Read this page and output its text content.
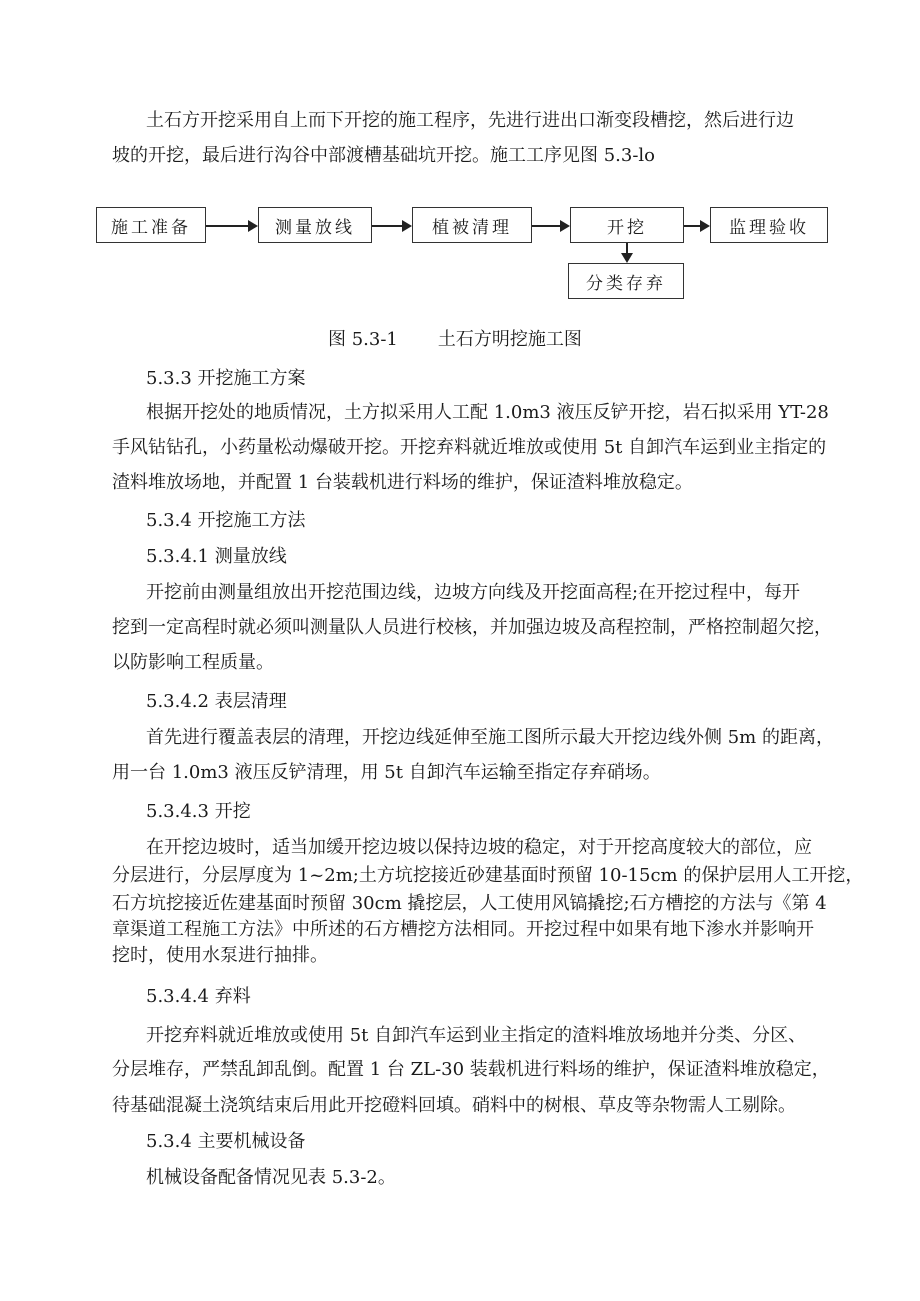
土石方开挖采用自上而下开挖的施工程序，先进行进出口渐变段槽挖，然后进行边

坡的开挖，最后进行沟谷中部渡槽基础坑开挖。施工工序见图 5.3-lo

施工准备	测量放线	植被清理	开挖	监理验收
分类存弃
图 5.3-1 土石方明挖施工图

5.3.3 开挖施工方案

根据开挖处的地质情况，土方拟采用人工配 1.0m3 液压反铲开挖，岩石拟采用 YT-28

手风钻钻孔，小药量松动爆破开挖。开挖弃料就近堆放或使用 5t 自卸汽车运到业主指定的

渣料堆放场地，并配置 1 台装载机进行料场的维护，保证渣料堆放稳定。

5.3.4 开挖施工方法

5.3.4.1 测量放线

开挖前由测量组放出开挖范围边线，边坡方向线及开挖面高程;在开挖过程中，每开

挖到一定高程时就必须叫测量队人员进行校核，并加强边坡及高程控制，严格控制超欠挖，

以防影响工程质量。

5.3.4.2 表层清理

首先进行覆盖表层的清理，开挖边线延伸至施工图所示最大开挖边线外侧 5m 的距离，

用一台 1.0m3 液压反铲清理，用 5t 自卸汽车运输至指定存弃硝场。

5.3.4.3 开挖

在开挖边坡时，适当加缓开挖边坡以保持边坡的稳定，对于开挖高度较大的部位，应

分层进行，分层厚度为 1~2m;土方坑挖接近砂建基面时预留 10-15cm 的保护层用人工开挖，

石方坑挖接近佐建基面时预留 30cm 撬挖层，人工使用风镐撬挖;石方槽挖的方法与《第 4

章渠道工程施工方法》中所述的石方槽挖方法相同。开挖过程中如果有地下渗水并影响开

挖时，使用水泵进行抽排。

5.3.4.4 弃料

开挖弃料就近堆放或使用 5t 自卸汽车运到业主指定的渣料堆放场地并分类、分区、

分层堆存，严禁乱卸乱倒。配置 1 台 ZL-30 装载机进行料场的维护，保证渣料堆放稳定，

待基础混凝土浇筑结束后用此开挖磴料回填。硝料中的树根、草皮等杂物需人工剔除。

5.3.4 主要机械设备

机械设备配备情况见表 5.3-2。
